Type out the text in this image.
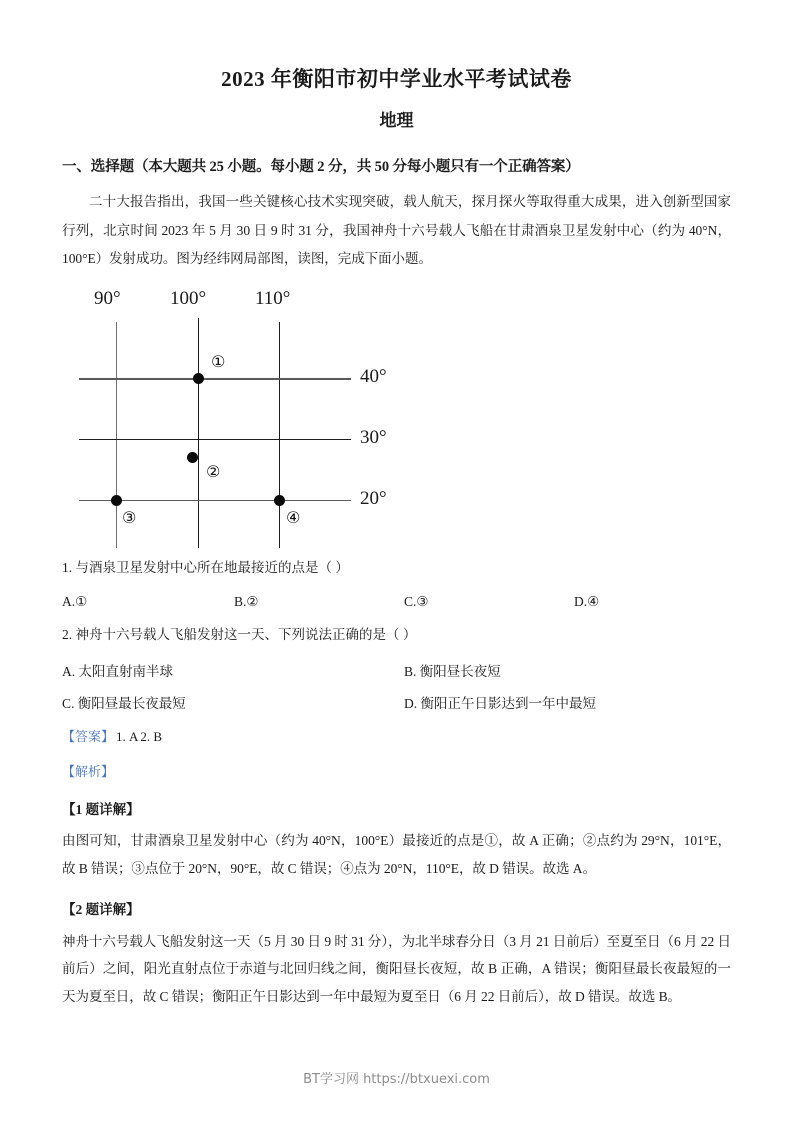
2023 年衡阳市初中学业水平考试试卷
地理
一、选择题（本大题共 25 小题。每小题 2 分，共 50 分每小题只有一个正确答案）
二十大报告指出，我国一些关键核心技术实现突破，载人航天，探月探火等取得重大成果，进入创新型国家行列，北京时间 2023 年 5 月 30 日 9 时 31 分，我国神舟十六号载人飞船在甘肃酒泉卫星发射中心（约为 40°N，100°E）发射成功。图为经纬网局部图，读图，完成下面小题。
90°	100°	110°
40°
30°
20°
①
②
③	④
1. 与酒泉卫星发射中心所在地最接近的点是（ ）
A.①	B.②	C.③	D.④
2. 神舟十六号载人飞船发射这一天、下列说法正确的是（ ）
A. 太阳直射南半球	B. 衡阳昼长夜短
C. 衡阳昼最长夜最短	D. 衡阳正午日影达到一年中最短
【答案】 1. A 2. B
【解析】
【1 题详解】
由图可知，甘肃酒泉卫星发射中心（约为 40°N，100°E）最接近的点是①，故 A 正确；②点约为 29°N，101°E，故 B 错误；③点位于 20°N，90°E，故 C 错误；④点为 20°N，110°E，故 D 错误。故选 A。
【2 题详解】
神舟十六号载人飞船发射这一天（5 月 30 日 9 时 31 分），为北半球春分日（3 月 21 日前后）至夏至日（6 月 22 日前后）之间，阳光直射点位于赤道与北回归线之间，衡阳昼长夜短，故 B 正确，A 错误；衡阳昼最长夜最短的一天为夏至日，故 C 错误；衡阳正午日影达到一年中最短为夏至日（6 月 22 日前后），故 D 错误。故选 B。
BT学习网 https://btxuexi.com
